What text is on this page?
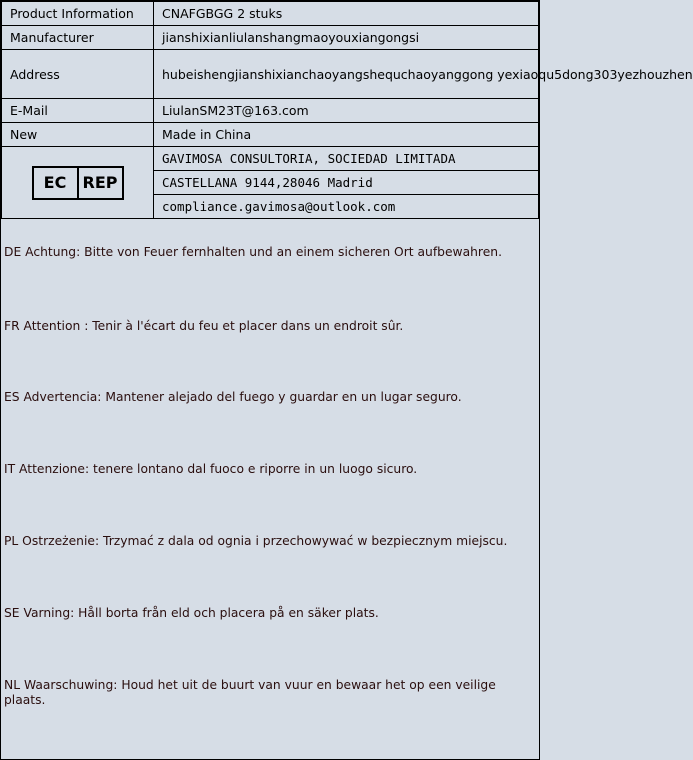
Product Information	CNAFGBGG 2 stuks
Manufacturer	jianshixianliulanshangmaoyouxiangongsi
Address	hubeishengjianshixianchaoyangshequchaoyanggong yexiaoqu5dong303yezhouzhen
E-Mail	LiulanSM23T@163.com
New	Made in China

EC REP	GAVIMOSA CONSULTORIA, SOCIEDAD LIMITADA
	CASTELLANA 9144,28046 Madrid
	compliance.gavimosa@outlook.com
DE Achtung: Bitte von Feuer fernhalten und an einem sicheren Ort aufbewahren.
FR Attention : Tenir à l'écart du feu et placer dans un endroit sûr.
ES Advertencia: Mantener alejado del fuego y guardar en un lugar seguro.
IT Attenzione: tenere lontano dal fuoco e riporre in un luogo sicuro.
PL Ostrzeżenie: Trzymać z dala od ognia i przechowywać w bezpiecznym miejscu.
SE Varning: Håll borta från eld och placera på en säker plats.
NL Waarschuwing: Houd het uit de buurt van vuur en bewaar het op een veilige plaats.
